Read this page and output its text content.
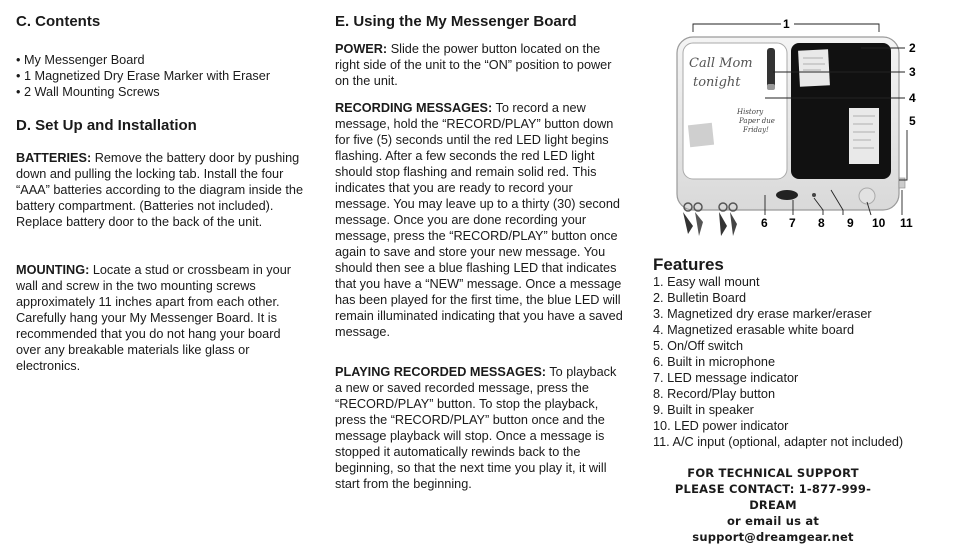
C. Contents
• My Messenger Board
• 1 Magnetized Dry Erase Marker with Eraser
• 2 Wall Mounting Screws
D. Set Up and Installation

BATTERIES: Remove the battery door by pushing down and pulling the locking tab. Install the four “AAA” batteries according to the diagram inside the battery compartment. (Batteries not included). Replace battery door to the back of the unit.

MOUNTING: Locate a stud or crossbeam in your wall and screw in the two mounting screws approximately 11 inches apart from each other. Carefully hang your My Messenger Board. It is recommended that you do not hang your board over any breakable materials like glass or electronics.

E. Using the My Messenger Board

POWER: Slide the power button located on the right side of the unit to the “ON” position to power on the unit.

RECORDING MESSAGES: To record a new message, hold the “RECORD/PLAY” button down for five (5) seconds until the red LED light begins flashing. After a few seconds the red LED light should stop flashing and remain solid red. This indicates that you are ready to record your message. You may leave up to a thirty (30) second message. Once you are done recording your message, press the “RECORD/PLAY” button once again to save and store your new message. You should then see a blue flashing LED that indicates that you have a “NEW” message. Once a message has been played for the first time, the blue LED will remain illuminated indicating that you have a saved message.

PLAYING RECORDED MESSAGES: To playback a new or saved recorded message, press the “RECORD/PLAY” button. To stop the playback, press the “RECORD/PLAY” button once and the message playback will stop. Once a message is stopped it automatically rewinds back to the beginning, so that the next time you play it, it will start from the beginning.

Call Mom
tonight
History
Paper due
Friday!
1
2
3
4
5
6 7 8 9 10 11
Features
1. Easy wall mount
2. Bulletin Board
3. Magnetized dry erase marker/eraser
4. Magnetized erasable white board
5. On/Off switch
6. Built in microphone
7. LED message indicator
8. Record/Play button
9. Built in speaker
10. LED power indicator
11. A/C input (optional, adapter not included)
FOR TECHNICAL SUPPORT
PLEASE CONTACT: 1-877-999-DREAM
or email us at support@dreamgear.net
